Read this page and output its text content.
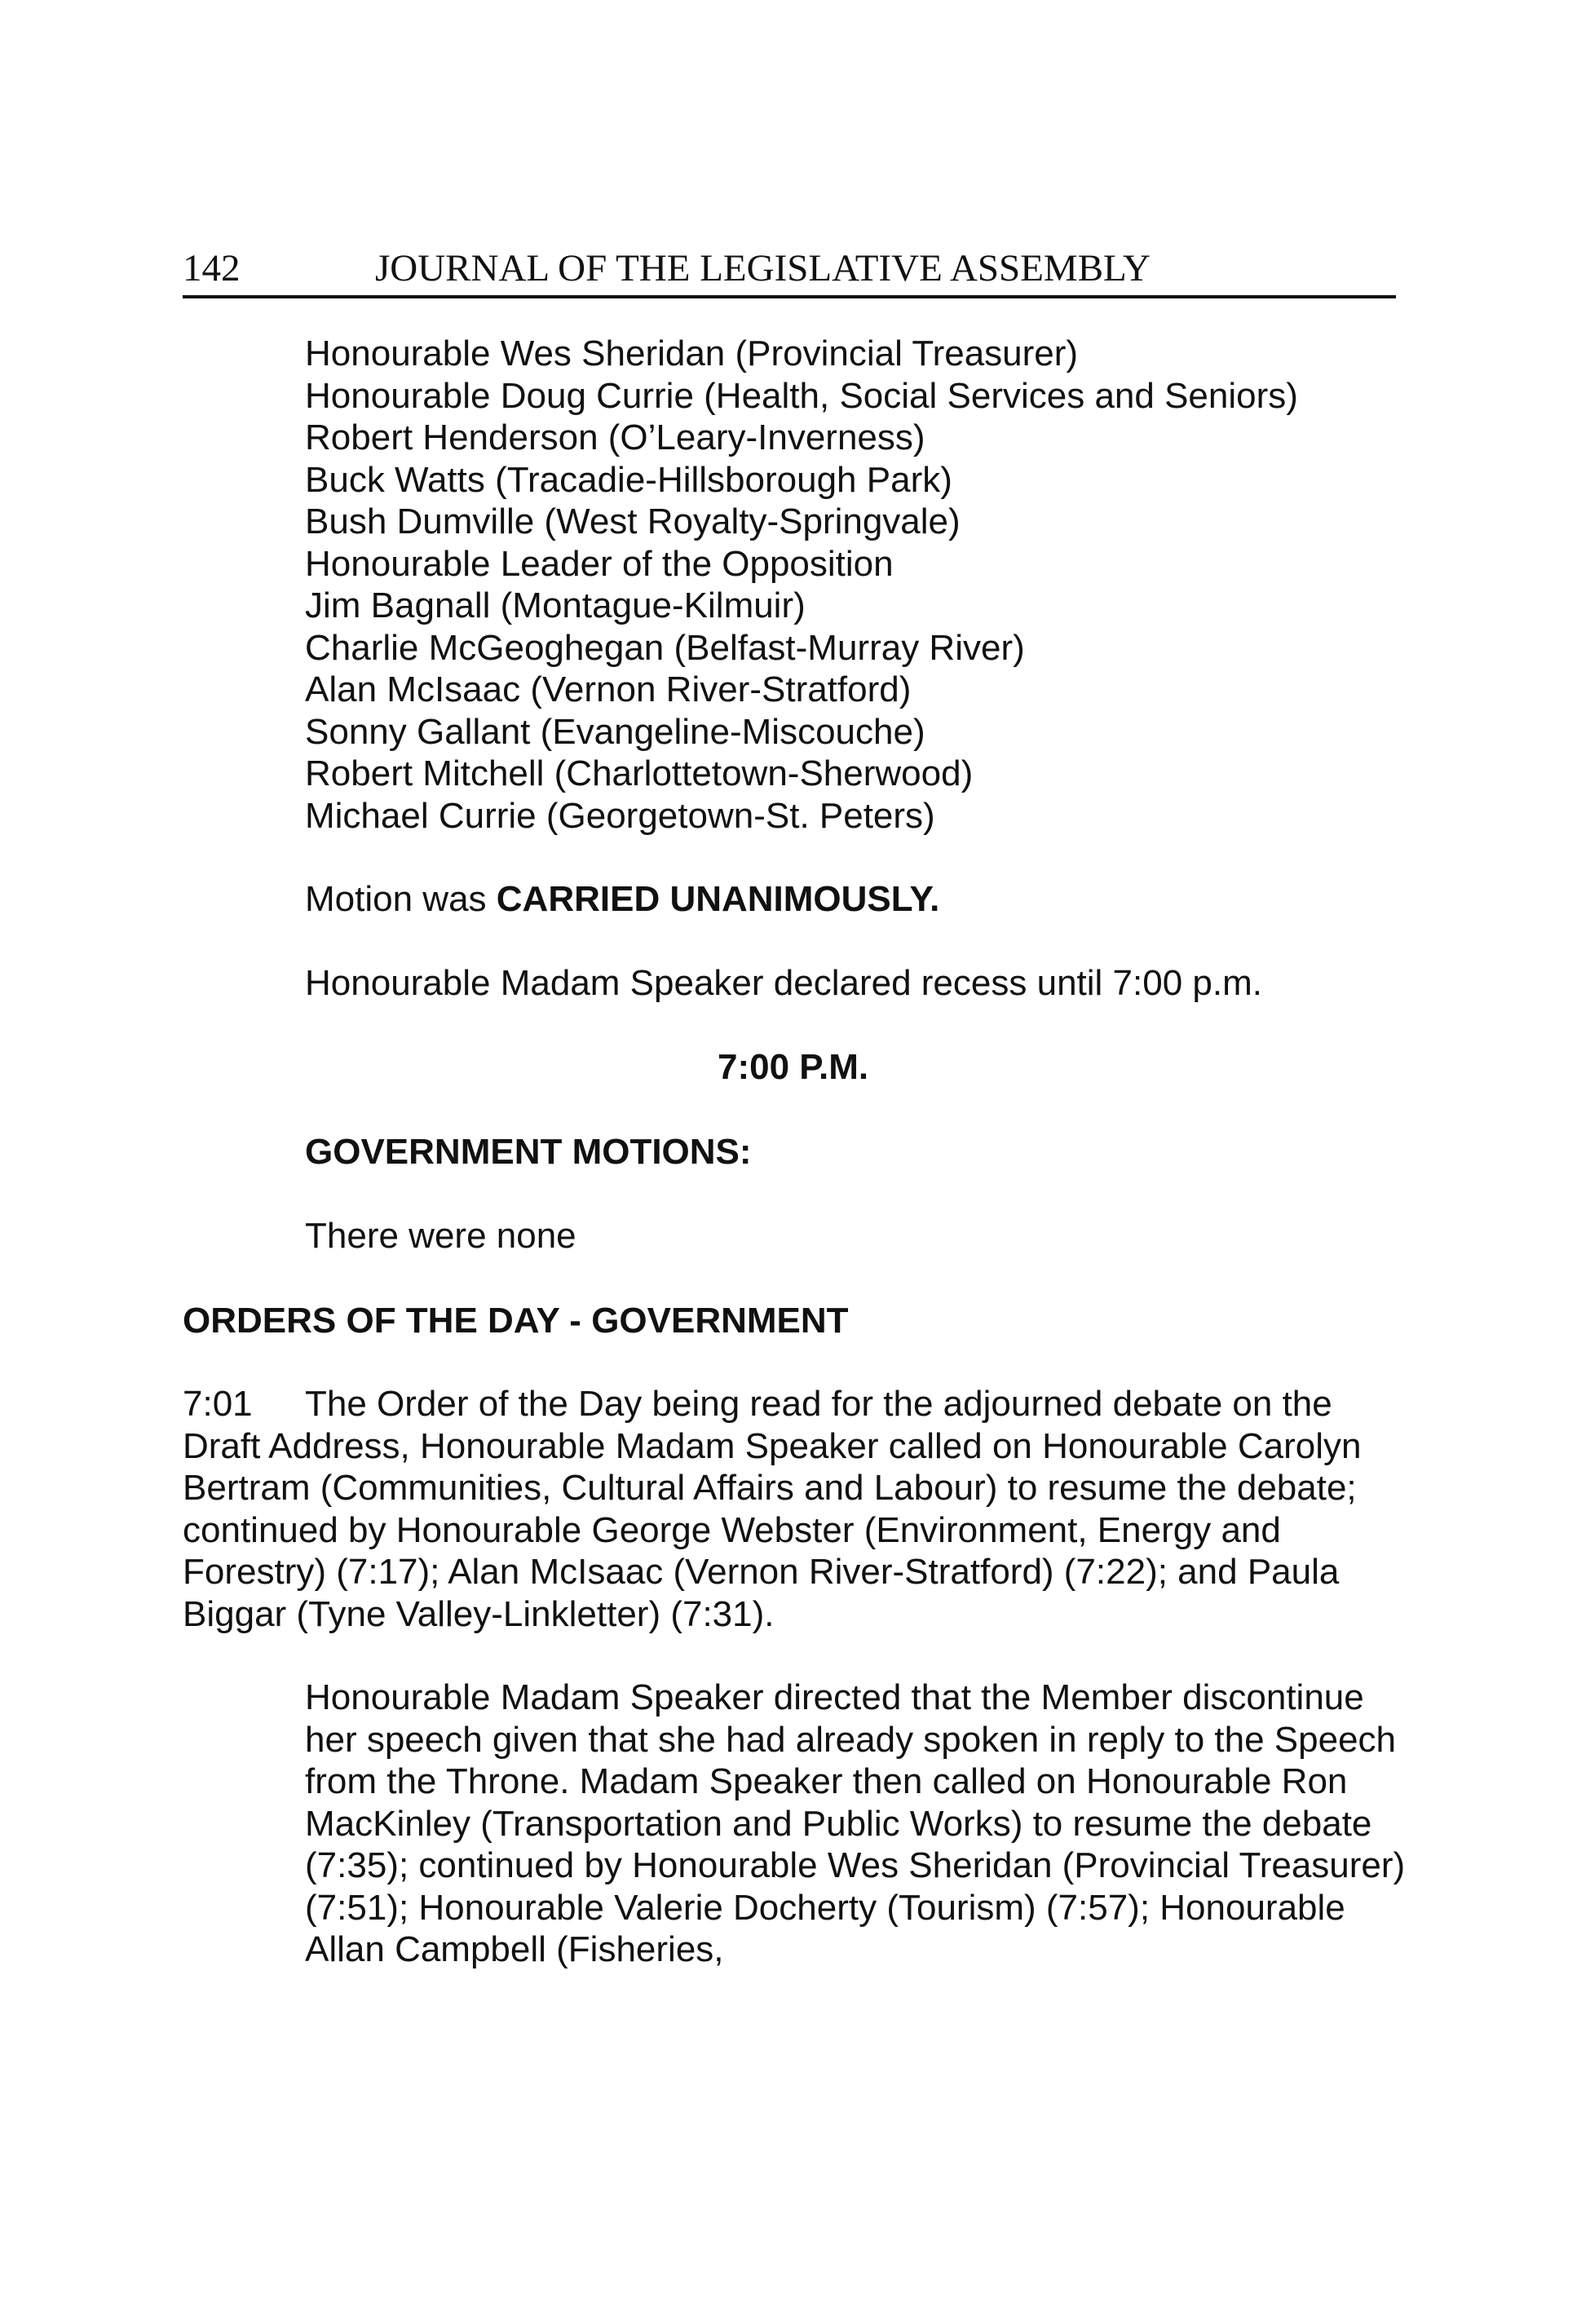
142	JOURNAL OF THE LEGISLATIVE ASSEMBLY
Honourable Wes Sheridan (Provincial Treasurer)
Honourable Doug Currie (Health, Social Services and Seniors)
Robert Henderson (O’Leary-Inverness)
Buck Watts (Tracadie-Hillsborough Park)
Bush Dumville (West Royalty-Springvale)
Honourable Leader of the Opposition
Jim Bagnall (Montague-Kilmuir)
Charlie McGeoghegan (Belfast-Murray River)
Alan McIsaac (Vernon River-Stratford)
Sonny Gallant (Evangeline-Miscouche)
Robert Mitchell (Charlottetown-Sherwood)
Michael Currie (Georgetown-St. Peters)

Motion was CARRIED UNANIMOUSLY.

Honourable Madam Speaker declared recess until 7:00 p.m.

7:00 P.M.
GOVERNMENT MOTIONS:

There were none

ORDERS OF THE DAY - GOVERNMENT

7:01 The Order of the Day being read for the adjourned debate on the Draft Address, Honourable Madam Speaker called on Honourable Carolyn Bertram (Communities, Cultural Affairs and Labour) to resume the debate; continued by Honourable George Webster (Environment, Energy and Forestry) (7:17); Alan McIsaac (Vernon River-Stratford) (7:22); and Paula Biggar (Tyne Valley-Linkletter) (7:31).

Honourable Madam Speaker directed that the Member discontinue her speech given that she had already spoken in reply to the Speech from the Throne. Madam Speaker then called on Honourable Ron MacKinley (Transportation and Public Works) to resume the debate (7:35); continued by Honourable Wes Sheridan (Provincial Treasurer) (7:51); Honourable Valerie Docherty (Tourism) (7:57); Honourable Allan Campbell (Fisheries,
